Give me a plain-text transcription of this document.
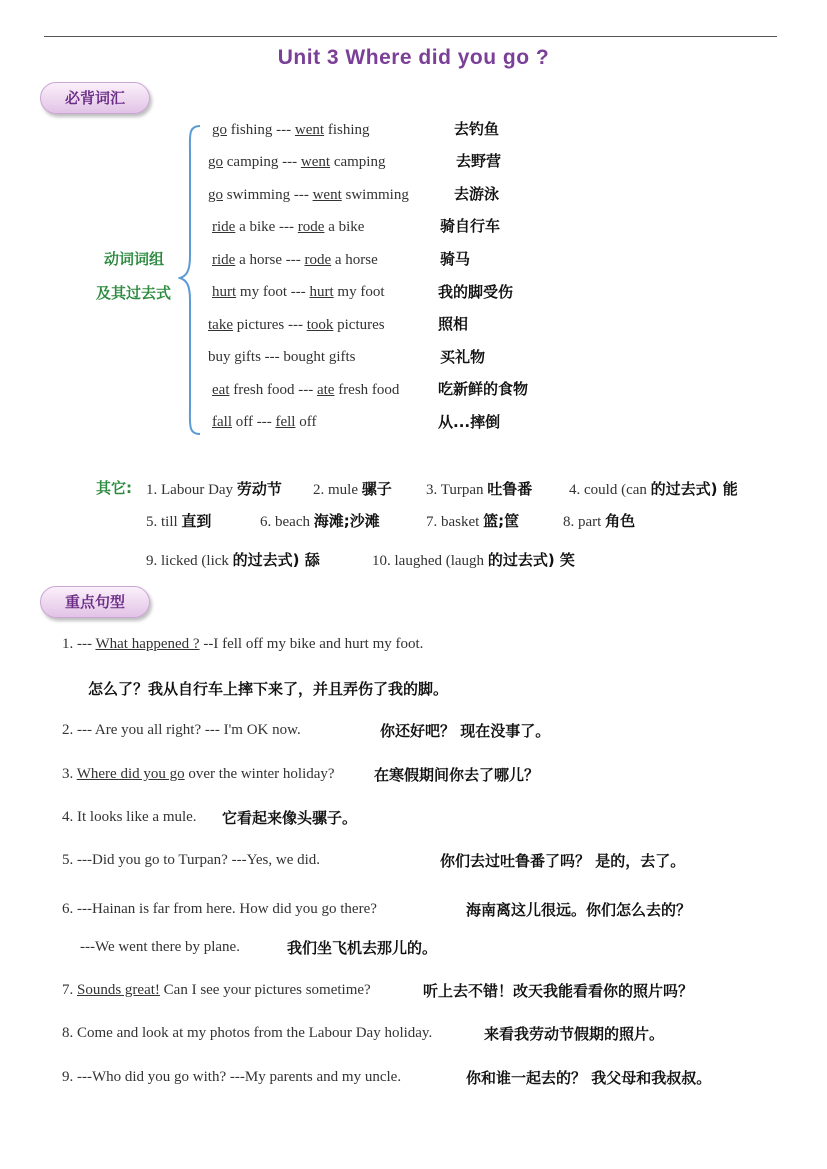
Unit 3 Where did you go ?
必背词汇
动词词组
及其过去式
go fishing --- went fishing	去钓鱼
go camping --- went camping	去野营
go swimming --- went swimming	去游泳
ride a bike --- rode a bike	骑自行车
ride a horse --- rode a horse	骑马
hurt my foot --- hurt my foot	我的脚受伤
take pictures --- took pictures	照相
buy gifts --- bought gifts	买礼物
eat fresh food --- ate fresh food	吃新鲜的食物
fall off --- fell off	从...摔倒
其它: 1. Labour Day 劳动节 2. mule 骡子 3. Turpan 吐鲁番 4. could (can 的过去式) 能
5. till 直到	6. beach 海滩;沙滩	7. basket 篮;筐	8. part 角色
9. licked (lick 的过去式) 舔	10. laughed (laugh 的过去式) 笑
重点句型
1. --- What happened ? --I fell off my bike and hurt my foot.
怎么了？我从自行车上摔下来了，并且弄伤了我的脚。
2. --- Are you all right? --- I'm OK now.	你还好吧？ 现在没事了。
3. Where did you go over the winter holiday?	在寒假期间你去了哪儿？
4. It looks like a mule. 它看起来像头骡子。
5. ---Did you go to Turpan? ---Yes, we did.	你们去过吐鲁番了吗？ 是的，去了。
6. ---Hainan is far from here. How did you go there?	海南离这儿很远。你们怎么去的？
---We went there by plane.	我们坐飞机去那儿的。
7. Sounds great! Can I see your pictures sometime?	听上去不错！改天我能看看你的照片吗？
8. Come and look at my photos from the Labour Day holiday.	来看我劳动节假期的照片。
9. ---Who did you go with? ---My parents and my uncle.	你和谁一起去的？ 我父母和我叔叔。
